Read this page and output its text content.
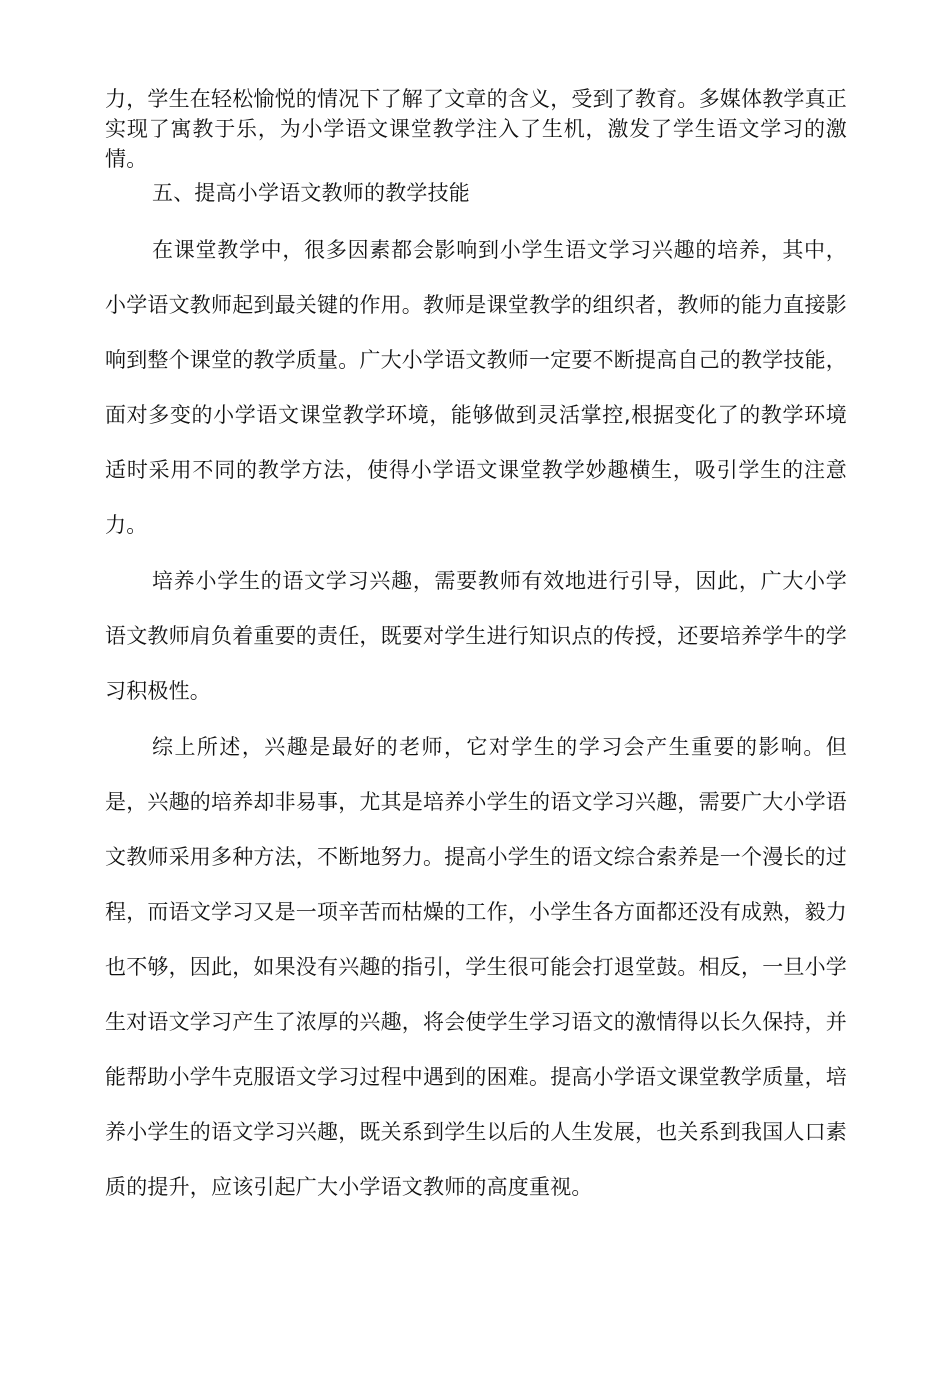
力，学生在轻松愉悦的情况下了解了文章的含义，受到了教育。多媒体教学真正实现了寓教于乐，为小学语文课堂教学注入了生机，激发了学生语文学习的激情。

五、提高小学语文教师的教学技能

在课堂教学中，很多因素都会影响到小学生语文学习兴趣的培养，其中，小学语文教师起到最关键的作用。教师是课堂教学的组织者，教师的能力直接影响到整个课堂的教学质量。广大小学语文教师一定要不断提高自己的教学技能，面对多变的小学语文课堂教学环境，能够做到灵活掌控,根据变化了的教学环境适时采用不同的教学方法，使得小学语文课堂教学妙趣横生，吸引学生的注意力。

培养小学生的语文学习兴趣，需要教师有效地进行引导，因此，广大小学语文教师肩负着重要的责任，既要对学生进行知识点的传授，还要培养学牛的学习积极性。

综上所述，兴趣是最好的老师，它对学生的学习会产生重要的影响。但是，兴趣的培养却非易事，尤其是培养小学生的语文学习兴趣，需要广大小学语文教师采用多种方法，不断地努力。提高小学生的语文综合索养是一个漫长的过程，而语文学习又是一项辛苦而枯燥的工作，小学生各方面都还没有成熟，毅力也不够，因此，如果没有兴趣的指引，学生很可能会打退堂鼓。相反，一旦小学生对语文学习产生了浓厚的兴趣，将会使学生学习语文的激情得以长久保持，并能帮助小学牛克服语文学习过程中遇到的困难。提高小学语文课堂教学质量，培养小学生的语文学习兴趣，既关系到学生以后的人生发展，也关系到我国人口素质的提升，应该引起广大小学语文教师的高度重视。
